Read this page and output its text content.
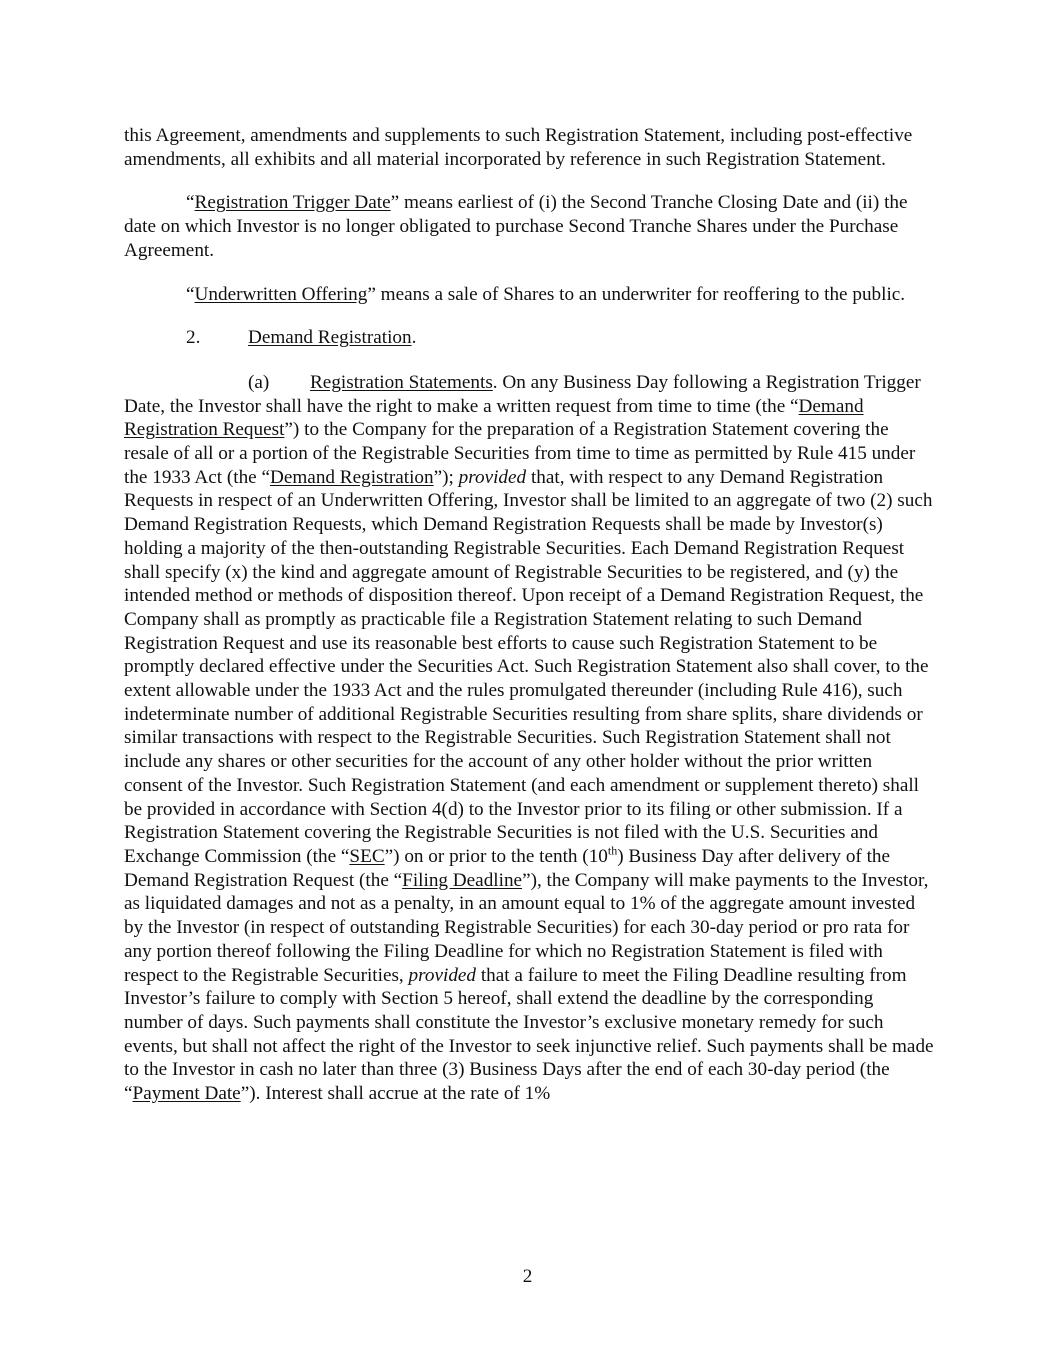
this Agreement, amendments and supplements to such Registration Statement, including post-effective amendments, all exhibits and all material incorporated by reference in such Registration Statement.

“Registration Trigger Date” means earliest of (i) the Second Tranche Closing Date and (ii) the date on which Investor is no longer obligated to purchase Second Tranche Shares under the Purchase Agreement.

“Underwritten Offering” means a sale of Shares to an underwriter for reoffering to the public.

2. Demand Registration.

(a) Registration Statements. On any Business Day following a Registration Trigger Date, the Investor shall have the right to make a written request from time to time (the “Demand Registration Request”) to the Company for the preparation of a Registration Statement covering the resale of all or a portion of the Registrable Securities from time to time as permitted by Rule 415 under the 1933 Act (the “Demand Registration”); provided that, with respect to any Demand Registration Requests in respect of an Underwritten Offering, Investor shall be limited to an aggregate of two (2) such Demand Registration Requests, which Demand Registration Requests shall be made by Investor(s) holding a majority of the then-outstanding Registrable Securities. Each Demand Registration Request shall specify (x) the kind and aggregate amount of Registrable Securities to be registered, and (y) the intended method or methods of disposition thereof. Upon receipt of a Demand Registration Request, the Company shall as promptly as practicable file a Registration Statement relating to such Demand Registration Request and use its reasonable best efforts to cause such Registration Statement to be promptly declared effective under the Securities Act. Such Registration Statement also shall cover, to the extent allowable under the 1933 Act and the rules promulgated thereunder (including Rule 416), such indeterminate number of additional Registrable Securities resulting from share splits, share dividends or similar transactions with respect to the Registrable Securities. Such Registration Statement shall not include any shares or other securities for the account of any other holder without the prior written consent of the Investor. Such Registration Statement (and each amendment or supplement thereto) shall be provided in accordance with Section 4(d) to the Investor prior to its filing or other submission. If a Registration Statement covering the Registrable Securities is not filed with the U.S. Securities and Exchange Commission (the “SEC”) on or prior to the tenth (10th) Business Day after delivery of the Demand Registration Request (the “Filing Deadline”), the Company will make payments to the Investor, as liquidated damages and not as a penalty, in an amount equal to 1% of the aggregate amount invested by the Investor (in respect of outstanding Registrable Securities) for each 30-day period or pro rata for any portion thereof following the Filing Deadline for which no Registration Statement is filed with respect to the Registrable Securities, provided that a failure to meet the Filing Deadline resulting from Investor’s failure to comply with Section 5 hereof, shall extend the deadline by the corresponding number of days. Such payments shall constitute the Investor’s exclusive monetary remedy for such events, but shall not affect the right of the Investor to seek injunctive relief. Such payments shall be made to the Investor in cash no later than three (3) Business Days after the end of each 30-day period (the “Payment Date”). Interest shall accrue at the rate of 1%

2
